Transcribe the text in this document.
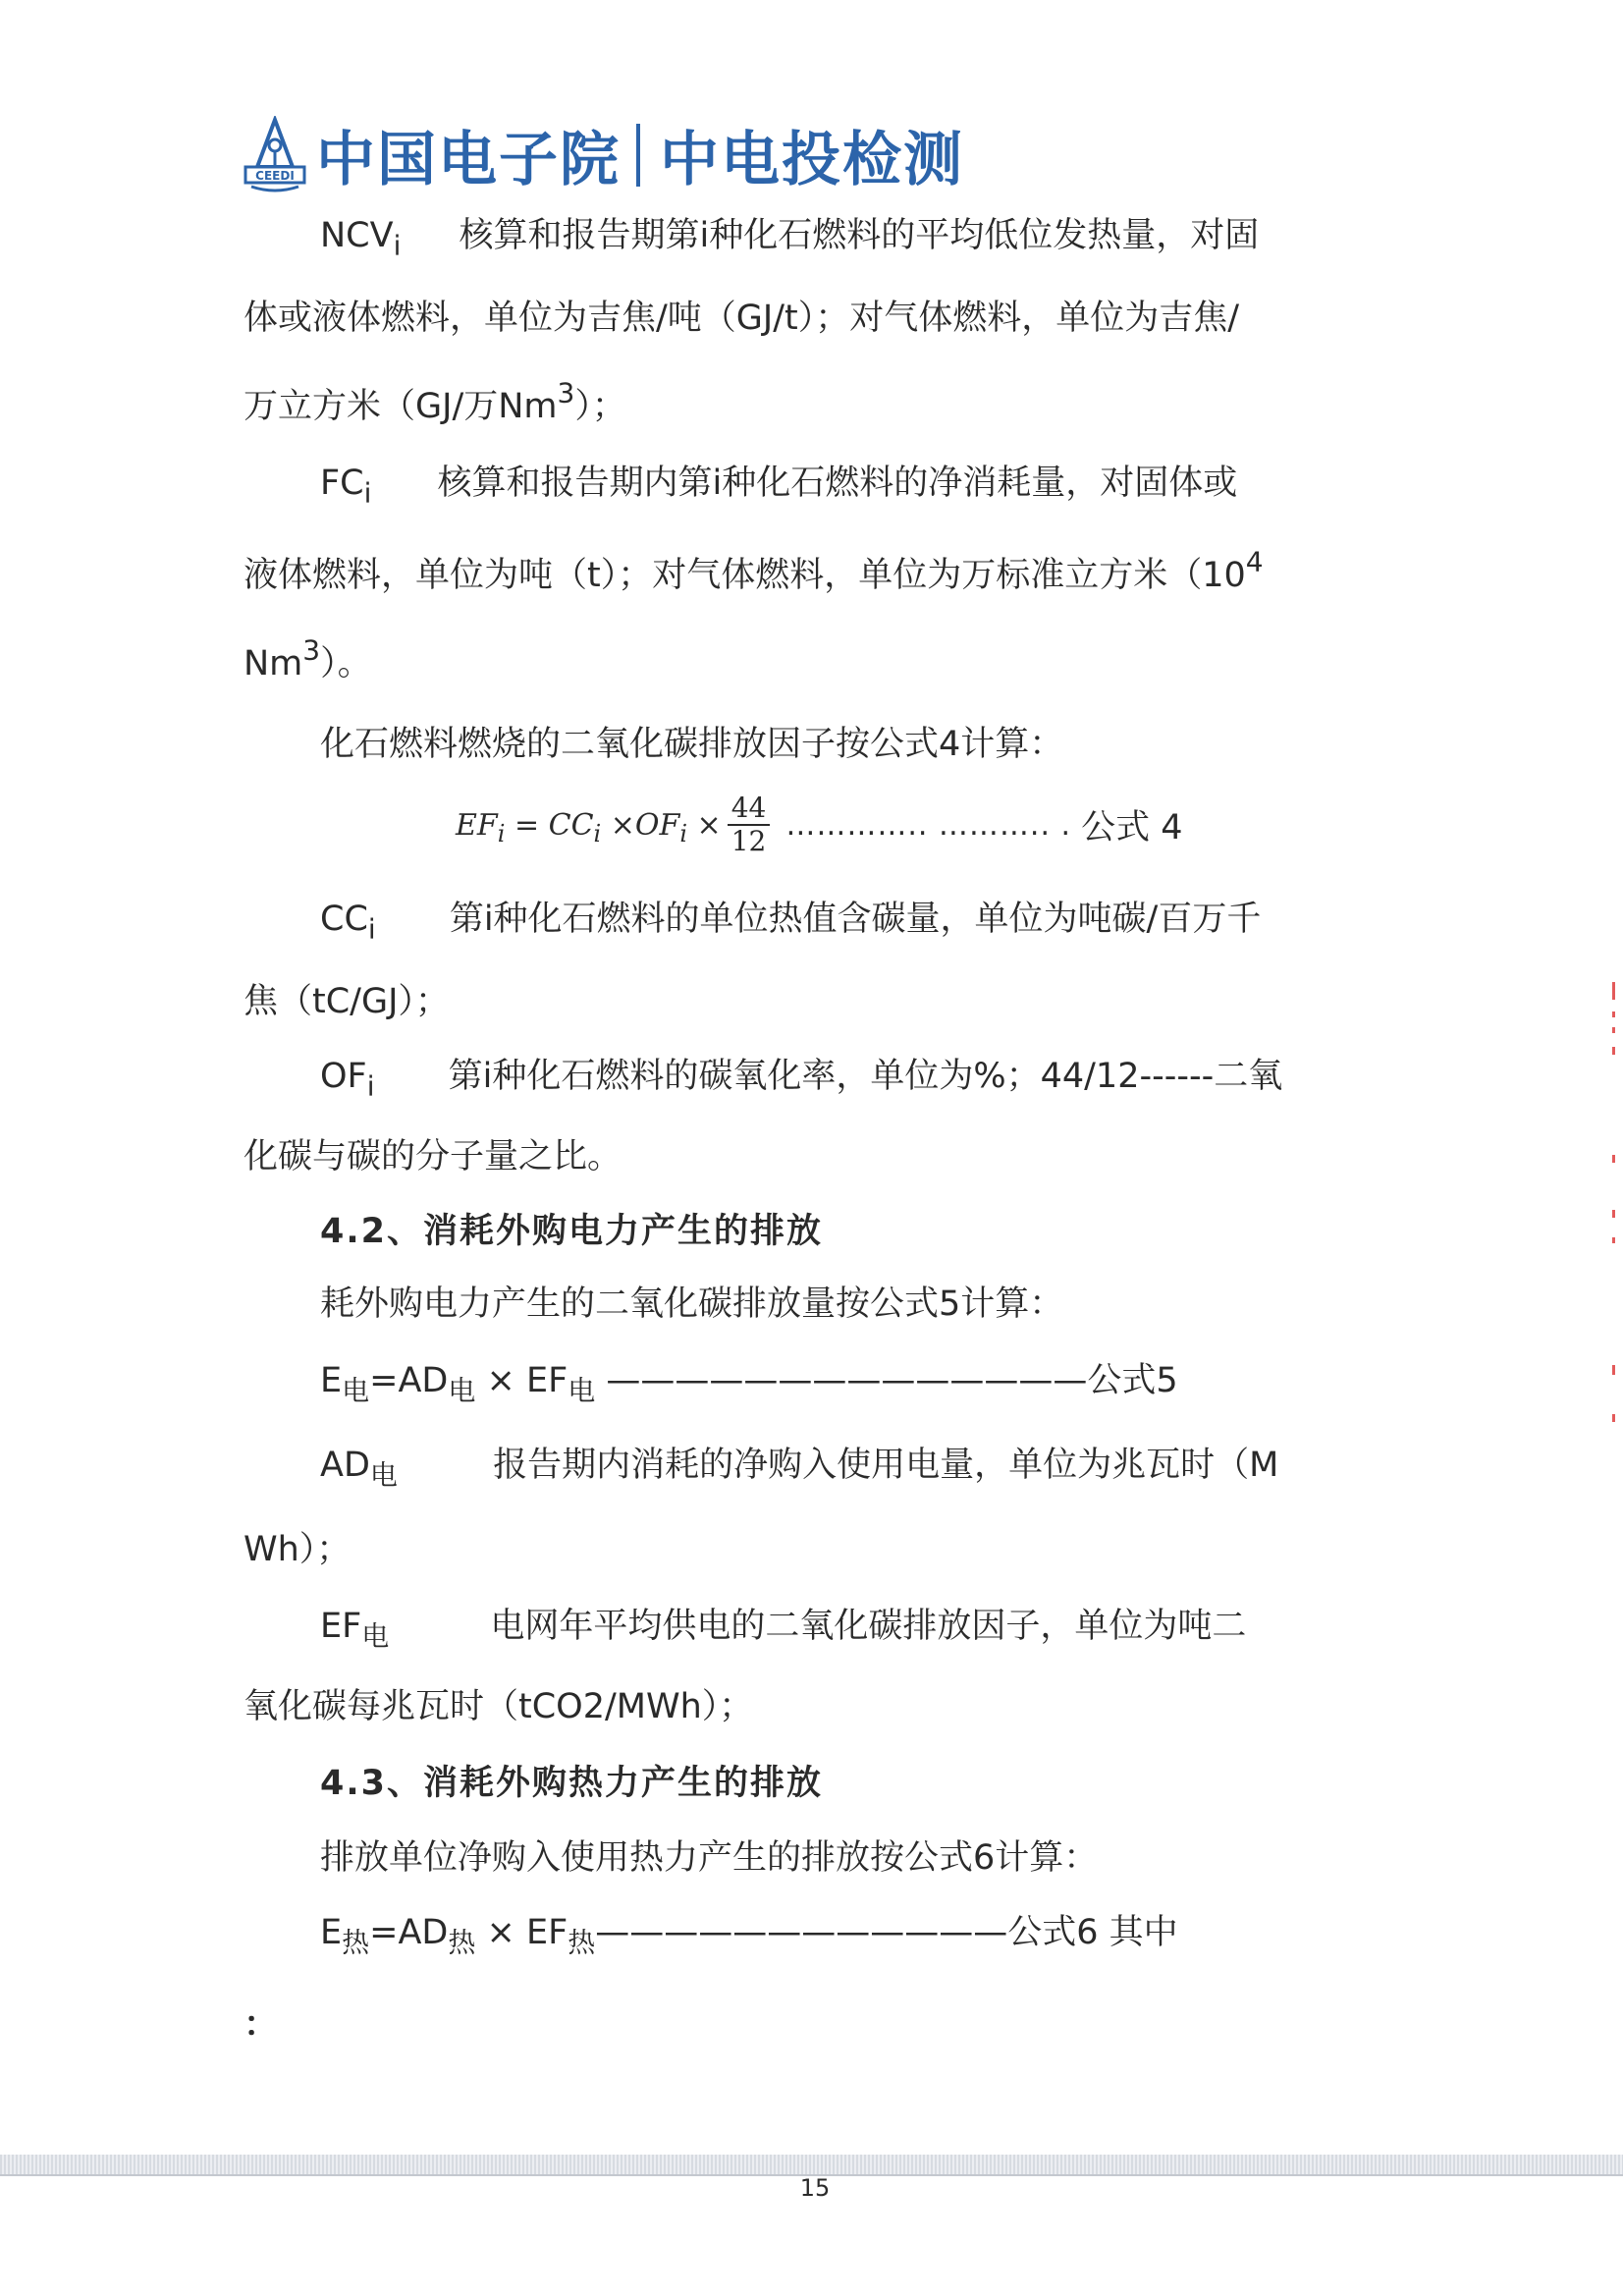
CEEDI 中国电子院 中电投检测
$NCV_i$ 核算和报告期第i种化石燃料的平均低位发热量，对固
体或液体燃料，单位为吉焦/吨（GJ/t）；对气体燃料，单位为吉焦/
万立方米（GJ/万Nm$^3$）；
$FC_i$ 核算和报告期内第i种化石燃料的净消耗量，对固体或
液体燃料，单位为吨（t）；对气体燃料，单位为万标准立方米（$10^4$
Nm$^3$）。
化石燃料燃烧的二氧化碳排放因子按公式4计算：
$EF_i = CC_i \times OF_i \times \frac{44}{12}$ ………….. ……….. . 公式 4
$CC_i$ 第i种化石燃料的单位热值含碳量，单位为吨碳/百万千
焦（tC/GJ）；
$OF_i$ 第i种化石燃料的碳氧化率，单位为%；44/12------二氧
化碳与碳的分子量之比。
4.2、消耗外购电力产生的排放
耗外购电力产生的二氧化碳排放量按公式5计算：
$E_电=AD_电 \times EF_电$ ——————————————公式5
$AD_电$	报告期内消耗的净购入使用电量，单位为兆瓦时（M
Wh）；
$EF_电$	电网年平均供电的二氧化碳排放因子，单位为吨二
氧化碳每兆瓦时（tCO2/MWh）；
4.3、消耗外购热力产生的排放
排放单位净购入使用热力产生的排放按公式6计算：
$E_热=AD_热$ × $EF_热————————————$公式6 其中
：
15
